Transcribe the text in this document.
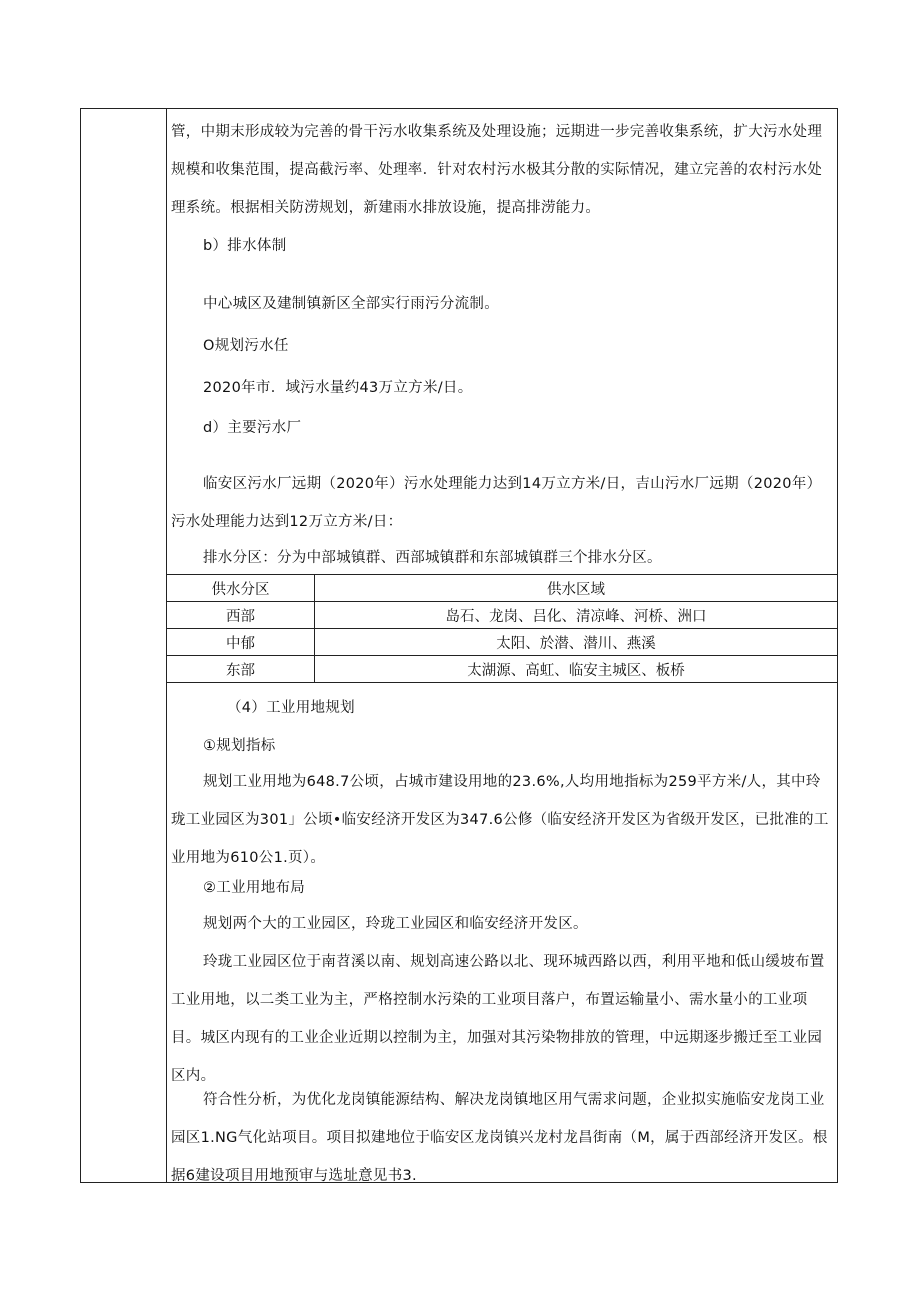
管，中期末形成较为完善的骨干污水收集系统及处理设施；远期进一步完善收集系统，扩大污水处理规模和收集范围，提高截污率、处理率．针对农村污水极其分散的实际情况，建立完善的农村污水处理系统。根据相关防涝规划，新建雨水排放设施，提高排涝能力。
b）排水体制
中心城区及建制镇新区全部实行雨污分流制。
O规划污水任
2020年市．域污水量约43万立方米/日。
d）主要污水厂
临安区污水厂远期（2020年）污水处理能力达到14万立方米/日，吉山污水厂远期（2020年）污水处理能力达到12万立方米/日：
排水分区：分为中部城镇群、西部城镇群和东部城镇群三个排水分区。
供水分区	供水区域
西部	岛石、龙岗、吕化、清凉峰、河桥、洲口
中郁	太阳、於潜、潜川、燕溪
东部	太湖源、高虹、临安主城区、板桥
（4）工业用地规划
①规划指标
规划工业用地为648.7公顷，占城市建设用地的23.6%,人均用地指标为259平方米/人，其中玲珑工业园区为301」公顷•临安经济开发区为347.6公修（临安经济开发区为省级开发区，已批准的工业用地为610公1.页）。
②工业用地布局
规划两个大的工业园区，玲珑工业园区和临安经济开发区。
玲珑工业园区位于南苕溪以南、规划高速公路以北、现环城西路以西，利用平地和低山缓坡布置工业用地，以二类工业为主，严格控制水污染的工业项目落户，布置运输量小、需水量小的工业项目。城区内现有的工业企业近期以控制为主，加强对其污染物排放的管理，中远期逐步搬迁至工业园区内。
符合性分析，为优化龙岗镇能源结构、解决龙岗镇地区用气需求问题，企业拟实施临安龙岗工业园区1.NG气化站项目。项目拟建地位于临安区龙岗镇兴龙村龙昌街南（M，属于西部经济开发区。根据6建设项目用地预审与选址意见书3.
